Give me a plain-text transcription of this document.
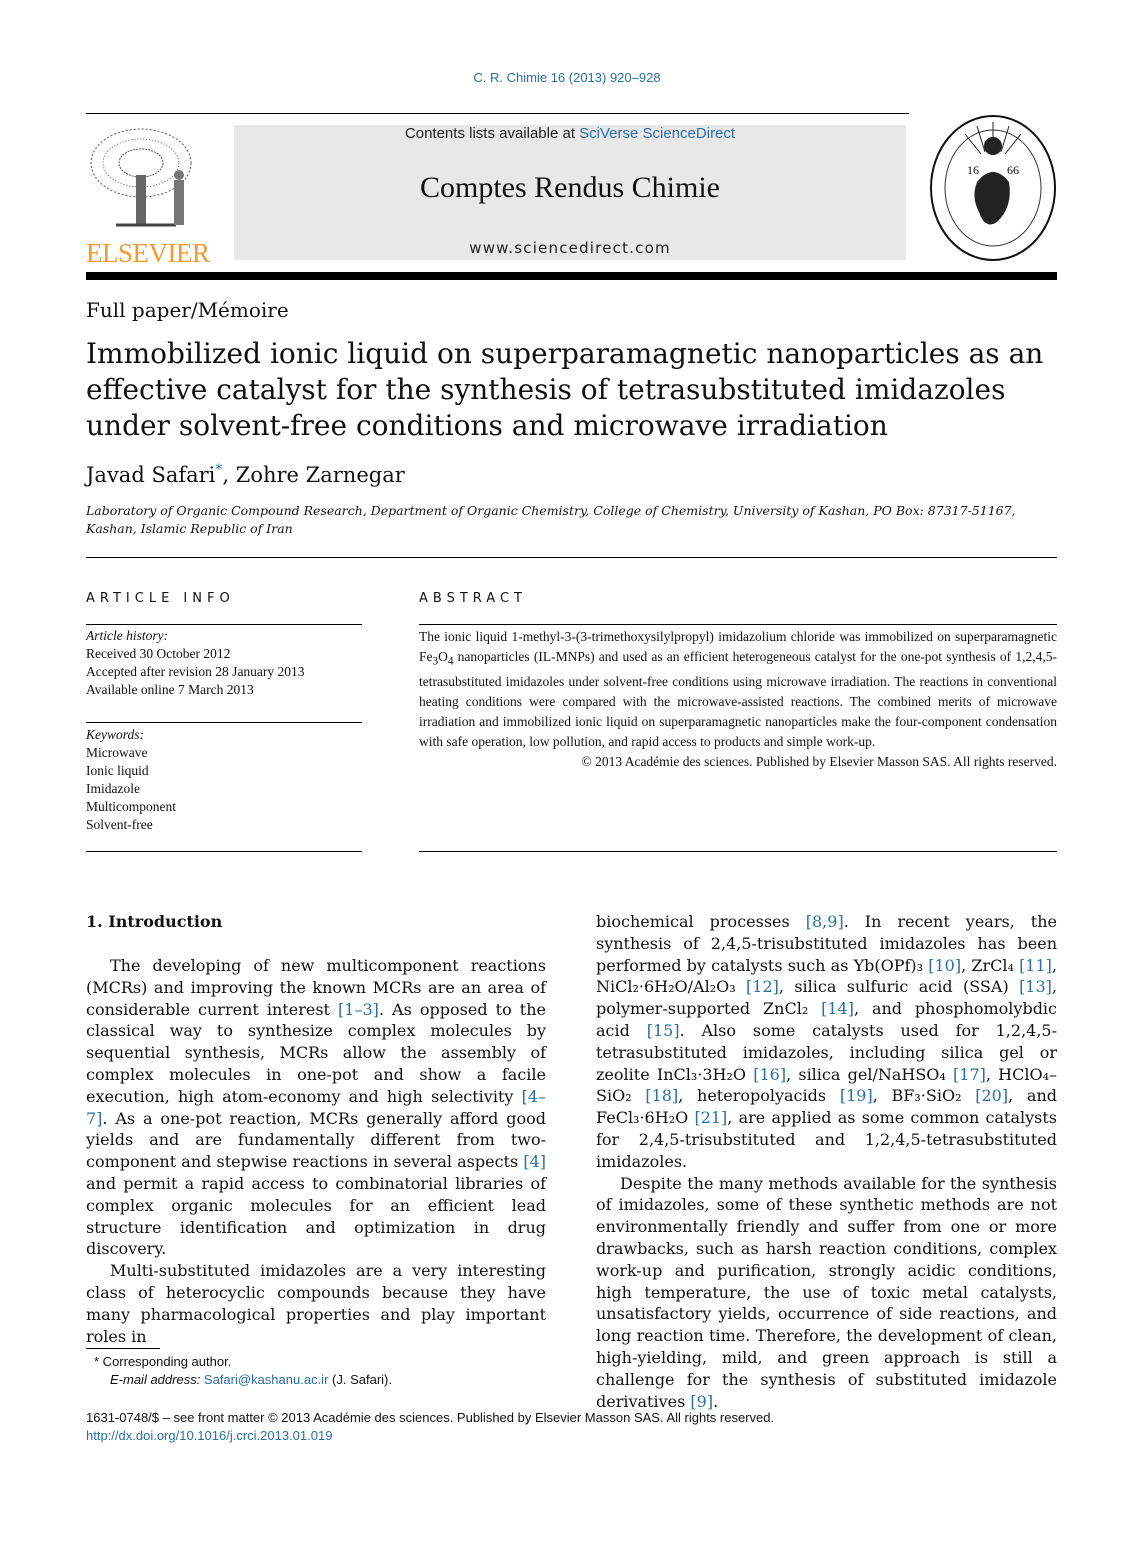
C. R. Chimie 16 (2013) 920–928
ELSEVIER
Contents lists available at SciVerse ScienceDirect
Comptes Rendus Chimie
www.sciencedirect.com
16 66
Full paper/Mémoire
Immobilized ionic liquid on superparamagnetic nanoparticles as an effective catalyst for the synthesis of tetrasubstituted imidazoles under solvent-free conditions and microwave irradiation
Javad Safari*, Zohre Zarnegar
Laboratory of Organic Compound Research, Department of Organic Chemistry, College of Chemistry, University of Kashan, PO Box: 87317-51167, Kashan, Islamic Republic of Iran
ARTICLE INFO
Article history:
Received 30 October 2012
Accepted after revision 28 January 2013
Available online 7 March 2013
Keywords:
Microwave
Ionic liquid
Imidazole
Multicomponent
Solvent-free
ABSTRACT
The ionic liquid 1-methyl-3-(3-trimethoxysilylpropyl) imidazolium chloride was immobilized on superparamagnetic $Fe_3O_4$ nanoparticles (IL-MNPs) and used as an efficient heterogeneous catalyst for the one-pot synthesis of 1,2,4,5-tetrasubstituted imidazoles under solvent-free conditions using microwave irradiation. The reactions in conventional heating conditions were compared with the microwave-assisted reactions. The combined merits of microwave irradiation and immobilized ionic liquid on superparamagnetic nanoparticles make the four-component condensation with safe operation, low pollution, and rapid access to products and simple work-up.
© 2013 Académie des sciences. Published by Elsevier Masson SAS. All rights reserved.
1. Introduction

The developing of new multicomponent reactions (MCRs) and improving the known MCRs are an area of considerable current interest [1–3]. As opposed to the classical way to synthesize complex molecules by sequential synthesis, MCRs allow the assembly of complex molecules in one-pot and show a facile execution, high atom-economy and high selectivity [4–7]. As a one-pot reaction, MCRs generally afford good yields and are fundamentally different from two-component and stepwise reactions in several aspects [4] and permit a rapid access to combinatorial libraries of complex organic molecules for an efficient lead structure identification and optimization in drug discovery.

Multi-substituted imidazoles are a very interesting class of heterocyclic compounds because they have many pharmacological properties and play important roles in

biochemical processes [8,9]. In recent years, the synthesis of 2,4,5-trisubstituted imidazoles has been performed by catalysts such as Yb(OPf)₃ [10], ZrCl₄ [11], NiCl₂·6H₂O/Al₂O₃ [12], silica sulfuric acid (SSA) [13], polymer-supported ZnCl₂ [14], and phosphomolybdic acid [15]. Also some catalysts used for 1,2,4,5-tetrasubstituted imidazoles, including silica gel or zeolite InCl₃·3H₂O [16], silica gel/NaHSO₄ [17], HClO₄–SiO₂ [18], heteropolyacids [19], BF₃·SiO₂ [20], and FeCl₃·6H₂O [21], are applied as some common catalysts for 2,4,5-trisubstituted and 1,2,4,5-tetrasubstituted imidazoles.

Despite the many methods available for the synthesis of imidazoles, some of these synthetic methods are not environmentally friendly and suffer from one or more drawbacks, such as harsh reaction conditions, complex work-up and purification, strongly acidic conditions, high temperature, the use of toxic metal catalysts, unsatisfactory yields, occurrence of side reactions, and long reaction time. Therefore, the development of clean, high-yielding, mild, and green approach is still a challenge for the synthesis of substituted imidazole derivatives [9].

* Corresponding author.
E-mail address: Safari@kashanu.ac.ir (J. Safari).
1631-0748/$ – see front matter © 2013 Académie des sciences. Published by Elsevier Masson SAS. All rights reserved.
http://dx.doi.org/10.1016/j.crci.2013.01.019
